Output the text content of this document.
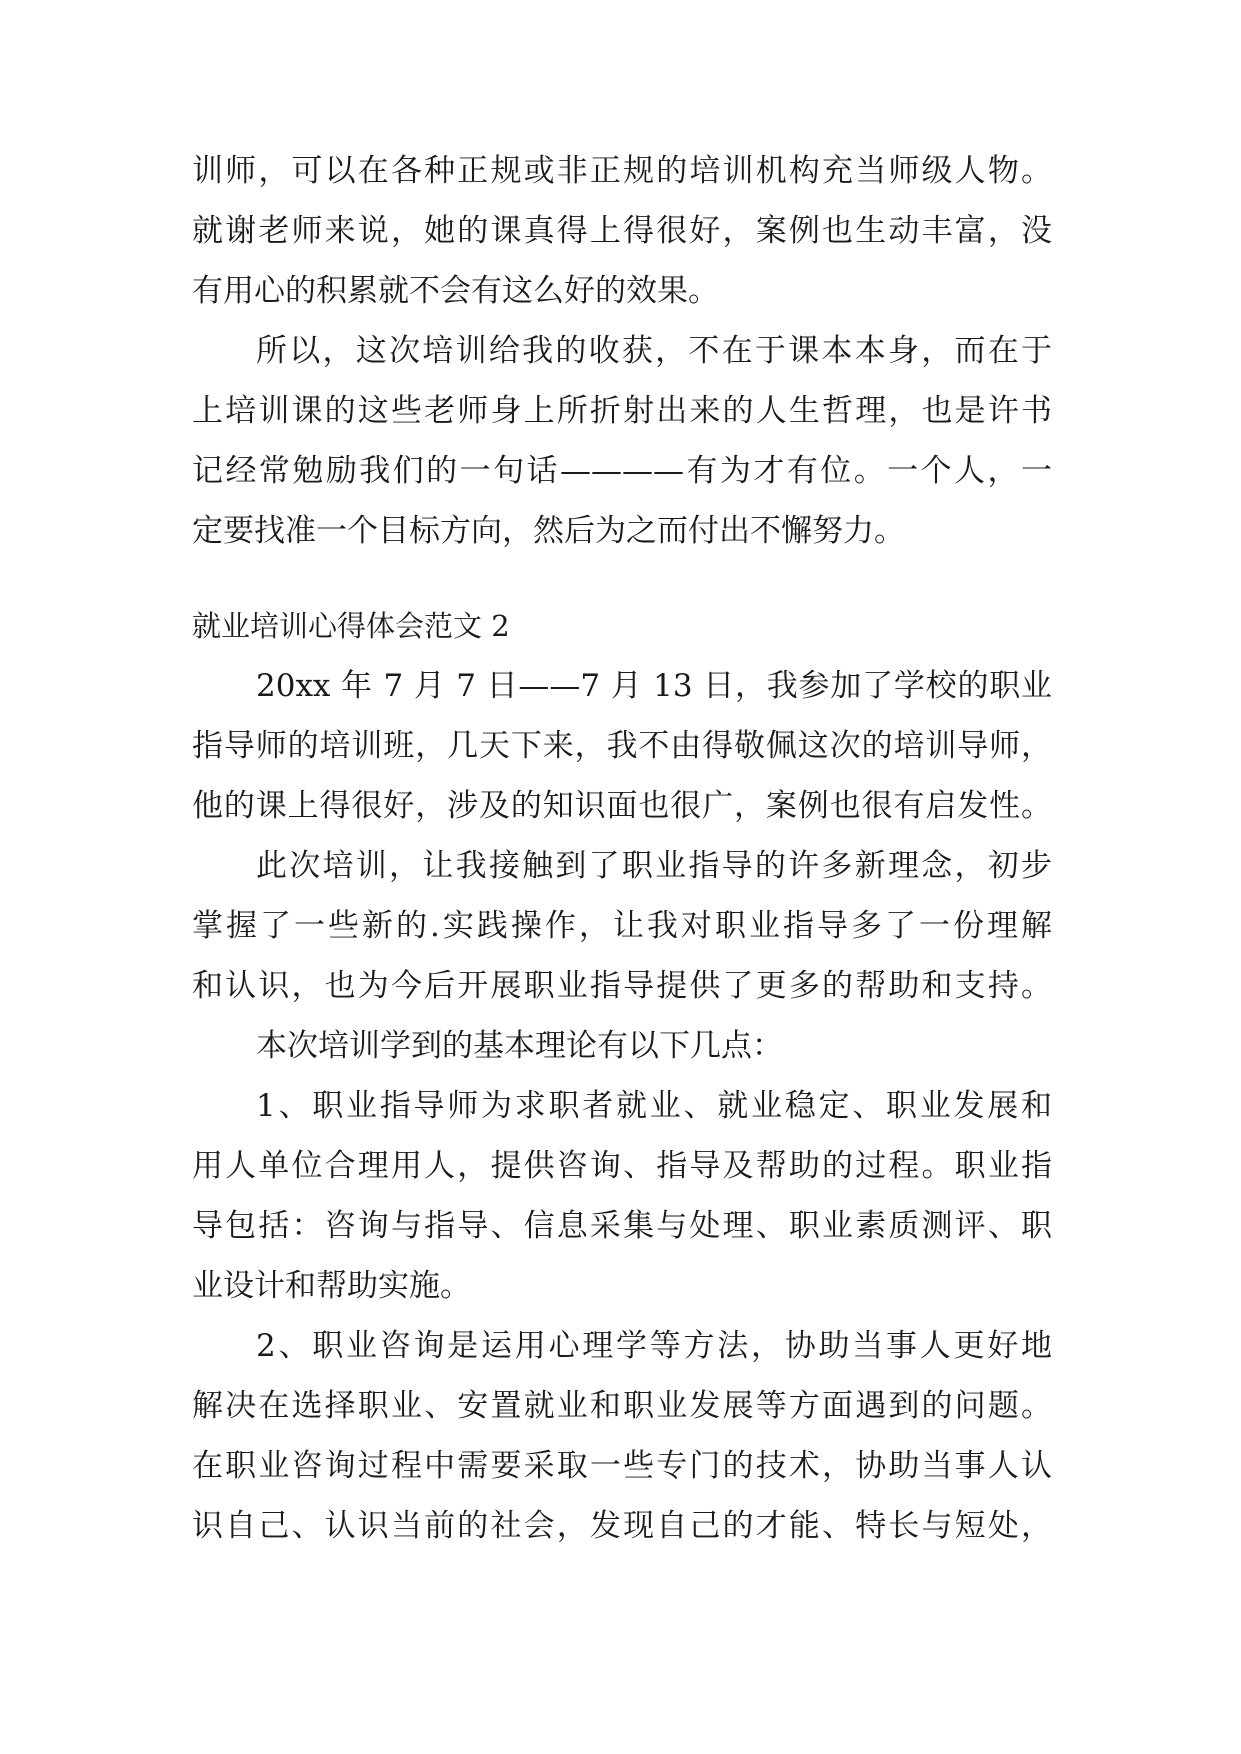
训师，可以在各种正规或非正规的培训机构充当师级人物。
就谢老师来说，她的课真得上得很好，案例也生动丰富，没
有用心的积累就不会有这么好的效果。
所以，这次培训给我的收获，不在于课本本身，而在于
上培训课的这些老师身上所折射出来的人生哲理，也是许书
记经常勉励我们的一句话————有为才有位。一个人，一
定要找准一个目标方向，然后为之而付出不懈努力。
就业培训心得体会范文 2
20xx 年 7 月 7 日——7 月 13 日，我参加了学校的职业
指导师的培训班，几天下来，我不由得敬佩这次的培训导师，
他的课上得很好，涉及的知识面也很广，案例也很有启发性。
此次培训，让我接触到了职业指导的许多新理念，初步
掌握了一些新的.实践操作，让我对职业指导多了一份理解
和认识，也为今后开展职业指导提供了更多的帮助和支持。
本次培训学到的基本理论有以下几点：
1、职业指导师为求职者就业、就业稳定、职业发展和
用人单位合理用人，提供咨询、指导及帮助的过程。职业指
导包括：咨询与指导、信息采集与处理、职业素质测评、职
业设计和帮助实施。
2、职业咨询是运用心理学等方法，协助当事人更好地
解决在选择职业、安置就业和职业发展等方面遇到的问题。
在职业咨询过程中需要采取一些专门的技术，协助当事人认
识自己、认识当前的社会，发现自己的才能、特长与短处，
